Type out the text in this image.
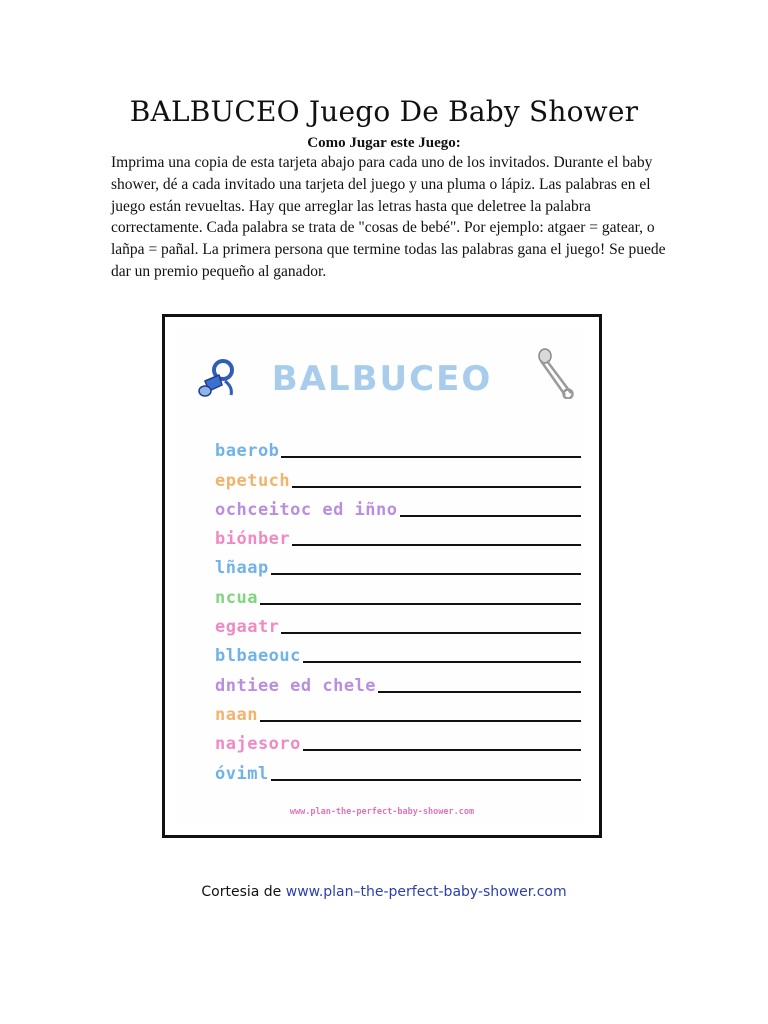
BALBUCEO Juego De Baby Shower
Como Jugar este Juego:

Imprima una copia de esta tarjeta abajo para cada uno de los invitados. Durante el baby shower, dé a cada invitado una tarjeta del juego y una pluma o lápiz. Las palabras en el juego están revueltas. Hay que arreglar las letras hasta que deletree la palabra correctamente. Cada palabra se trata de "cosas de bebé". Por ejemplo: atgaer = gatear, o lañpa = pañal. La primera persona que termine todas las palabras gana el juego! Se puede dar un premio pequeño al ganador.

BALBUCEO
baerob
epetuch
ochceitoc ed iñno
biónber
lñaap
ncua
egaatr
blbaeouc
dntiee ed chele
naan
najesoro
óviml
www.plan-the-perfect-baby-shower.com
Cortesia de www.plan–the-perfect-baby-shower.com
